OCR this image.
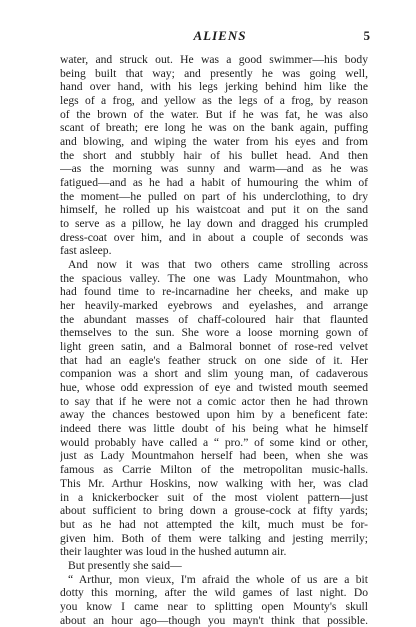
ALIENS	5
water, and struck out. He was a good swimmer—his body
being built that way; and presently he was going well,
hand over hand, with his legs jerking behind him like the
legs of a frog, and yellow as the legs of a frog, by reason
of the brown of the water. But if he was fat, he was also
scant of breath; ere long he was on the bank again, puffing
and blowing, and wiping the water from his eyes and from
the short and stubbly hair of his bullet head. And then
—as the morning was sunny and warm—and as he was
fatigued—and as he had a habit of humouring the whim of
the moment—he pulled on part of his underclothing, to dry
himself, he rolled up his waistcoat and put it on the sand
to serve as a pillow, he lay down and dragged his crumpled
dress-coat over him, and in about a couple of seconds was
fast asleep.
And now it was that two others came strolling across
the spacious valley. The one was Lady Mountmahon, who
had found time to re-incarnadine her cheeks, and make up
her heavily-marked eyebrows and eyelashes, and arrange
the abundant masses of chaff-coloured hair that flaunted
themselves to the sun. She wore a loose morning gown of
light green satin, and a Balmoral bonnet of rose-red velvet
that had an eagle's feather struck on one side of it. Her
companion was a short and slim young man, of cadaverous
hue, whose odd expression of eye and twisted mouth seemed
to say that if he were not a comic actor then he had thrown
away the chances bestowed upon him by a beneficent fate:
indeed there was little doubt of his being what he himself
would probably have called a “ pro.” of some kind or other,
just as Lady Mountmahon herself had been, when she was
famous as Carrie Milton of the metropolitan music-halls.
This Mr. Arthur Hoskins, now walking with her, was clad
in a knickerbocker suit of the most violent pattern—just
about sufficient to bring down a grouse-cock at fifty yards;
but as he had not attempted the kilt, much must be for-
given him. Both of them were talking and jesting merrily;
their laughter was loud in the hushed autumn air.
But presently she said—
“ Arthur, mon vieux, I'm afraid the whole of us are a bit
dotty this morning, after the wild games of last night. Do
you know I came near to splitting open Mounty's skull
about an hour ago—though you mayn't think that possible.
